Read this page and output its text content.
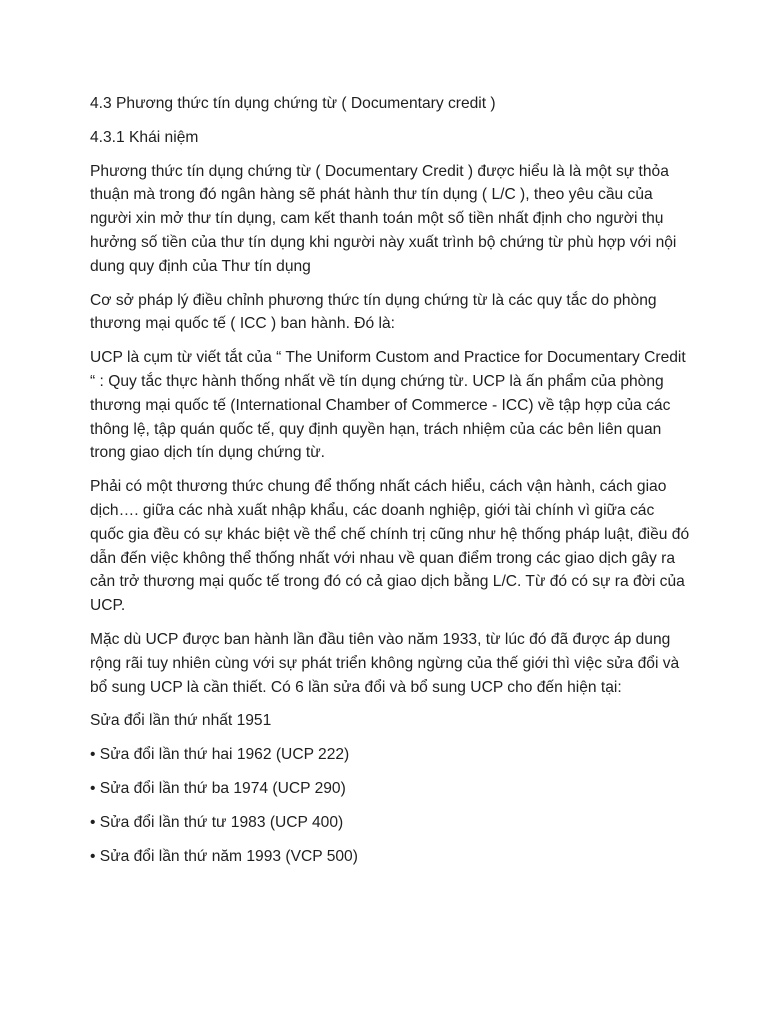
4.3 Phương thức tín dụng chứng từ ( Documentary credit )

4.3.1 Khái niệm

Phương thức tín dụng chứng từ ( Documentary Credit ) được hiểu là là một sự thỏa thuận mà trong đó ngân hàng sẽ phát hành thư tín dụng ( L/C ), theo yêu cầu của người xin mở thư tín dụng, cam kết thanh toán một số tiền nhất định cho người thụ hưởng số tiền của thư tín dụng khi người này xuất trình bộ chứng từ phù hợp với nội dung quy định của Thư tín dụng

Cơ sở pháp lý điều chỉnh phương thức tín dụng chứng từ là các quy tắc do phòng thương mại quốc tế ( ICC ) ban hành. Đó là:

UCP là cụm từ viết tắt của “ The Uniform Custom and Practice for Documentary Credit “ : Quy tắc thực hành thống nhất về tín dụng chứng từ. UCP là ấn phẩm của phòng thương mại quốc tế (International Chamber of Commerce - ICC) về tập hợp của các thông lệ, tập quán quốc tế, quy định quyền hạn, trách nhiệm của các bên liên quan trong giao dịch tín dụng chứng từ.

Phải có một thương thức chung để thống nhất cách hiểu, cách vận hành, cách giao dịch…. giữa các nhà xuất nhập khẩu, các doanh nghiệp, giới tài chính vì giữa các quốc gia đều có sự khác biệt về thể chế chính trị cũng như hệ thống pháp luật, điều đó dẫn đến việc không thể thống nhất với nhau về quan điểm trong các giao dịch gây ra cản trở thương mại quốc tế trong đó có cả giao dịch bằng L/C. Từ đó có sự ra đời của UCP.

Mặc dù UCP được ban hành lần đầu tiên vào năm 1933, từ lúc đó đã được áp dung rộng rãi tuy nhiên cùng với sự phát triển không ngừng của thế giới thì việc sửa đổi và bổ sung UCP là cần thiết. Có 6 lần sửa đổi và bổ sung UCP cho đến hiện tại:

Sửa đổi lần thứ nhất 1951

• Sửa đổi lần thứ hai 1962 (UCP 222)

• Sửa đổi lần thứ ba 1974 (UCP 290)

• Sửa đổi lần thứ tư 1983 (UCP 400)

• Sửa đổi lần thứ năm 1993 (VCP 500)
